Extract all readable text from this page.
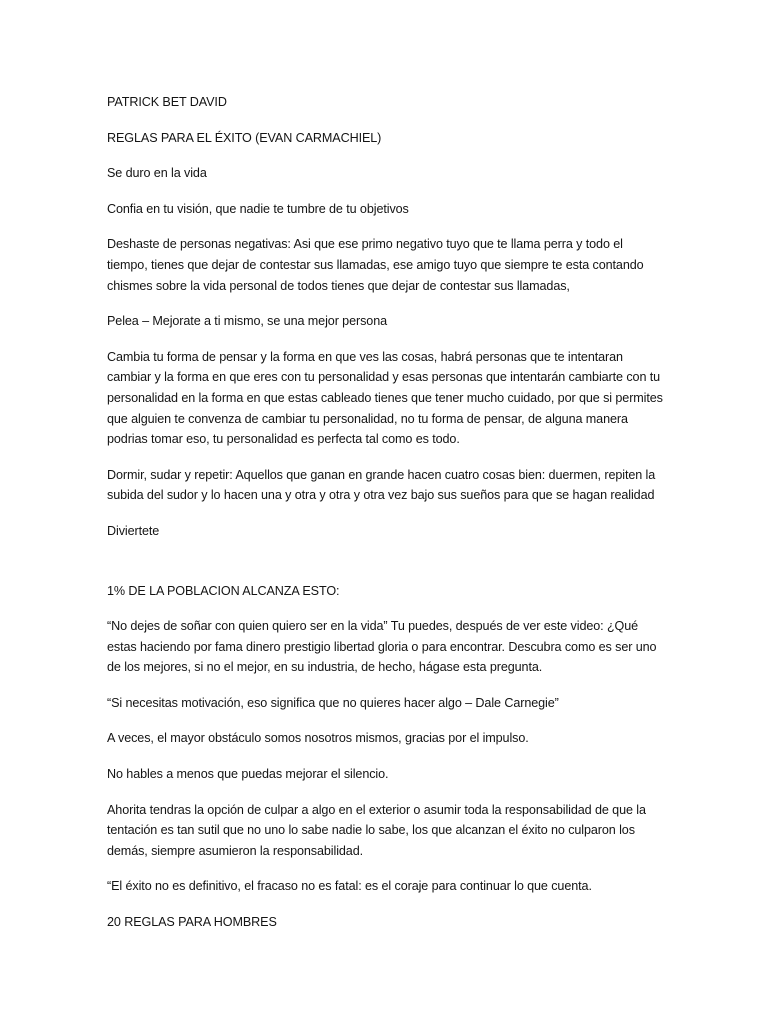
PATRICK BET DAVID

REGLAS PARA EL ÉXITO (EVAN CARMACHIEL)

Se duro en la vida

Confia en tu visión, que nadie te tumbre de tu objetivos

Deshaste de personas negativas: Asi que ese primo negativo tuyo que te llama perra y todo el tiempo, tienes que dejar de contestar sus llamadas, ese amigo tuyo que siempre te esta contando chismes sobre la vida personal de todos tienes que dejar de contestar sus llamadas,

Pelea – Mejorate a ti mismo, se una mejor persona

Cambia tu forma de pensar y la forma en que ves las cosas, habrá personas que te intentaran cambiar y la forma en que eres con tu personalidad y esas personas que intentarán cambiarte con tu personalidad en la forma en que estas cableado tienes que tener mucho cuidado, por que si permites que alguien te convenza de cambiar tu personalidad, no tu forma de pensar, de alguna manera podrias tomar eso, tu personalidad es perfecta tal como es todo.

Dormir, sudar y repetir: Aquellos que ganan en grande hacen cuatro cosas bien: duermen, repiten la subida del sudor y lo hacen una y otra y otra y otra vez bajo sus sueños para que se hagan realidad

Diviertete

1% DE LA POBLACION ALCANZA ESTO:

“No dejes de soñar con quien quiero ser en la vida” Tu puedes, después de ver este video: ¿Qué estas haciendo por fama dinero prestigio libertad gloria o para encontrar. Descubra como es ser uno de los mejores, si no el mejor, en su industria, de hecho, hágase esta pregunta.

“Si necesitas motivación, eso significa que no quieres hacer algo – Dale Carnegie”

A veces, el mayor obstáculo somos nosotros mismos, gracias por el impulso.

No hables a menos que puedas mejorar el silencio.

Ahorita tendras la opción de culpar a algo en el exterior o asumir toda la responsabilidad de que la tentación es tan sutil que no uno lo sabe nadie lo sabe, los que alcanzan el éxito no culparon los demás, siempre asumieron la responsabilidad.

“El éxito no es definitivo, el fracaso no es fatal: es el coraje para continuar lo que cuenta.

20 REGLAS PARA HOMBRES
